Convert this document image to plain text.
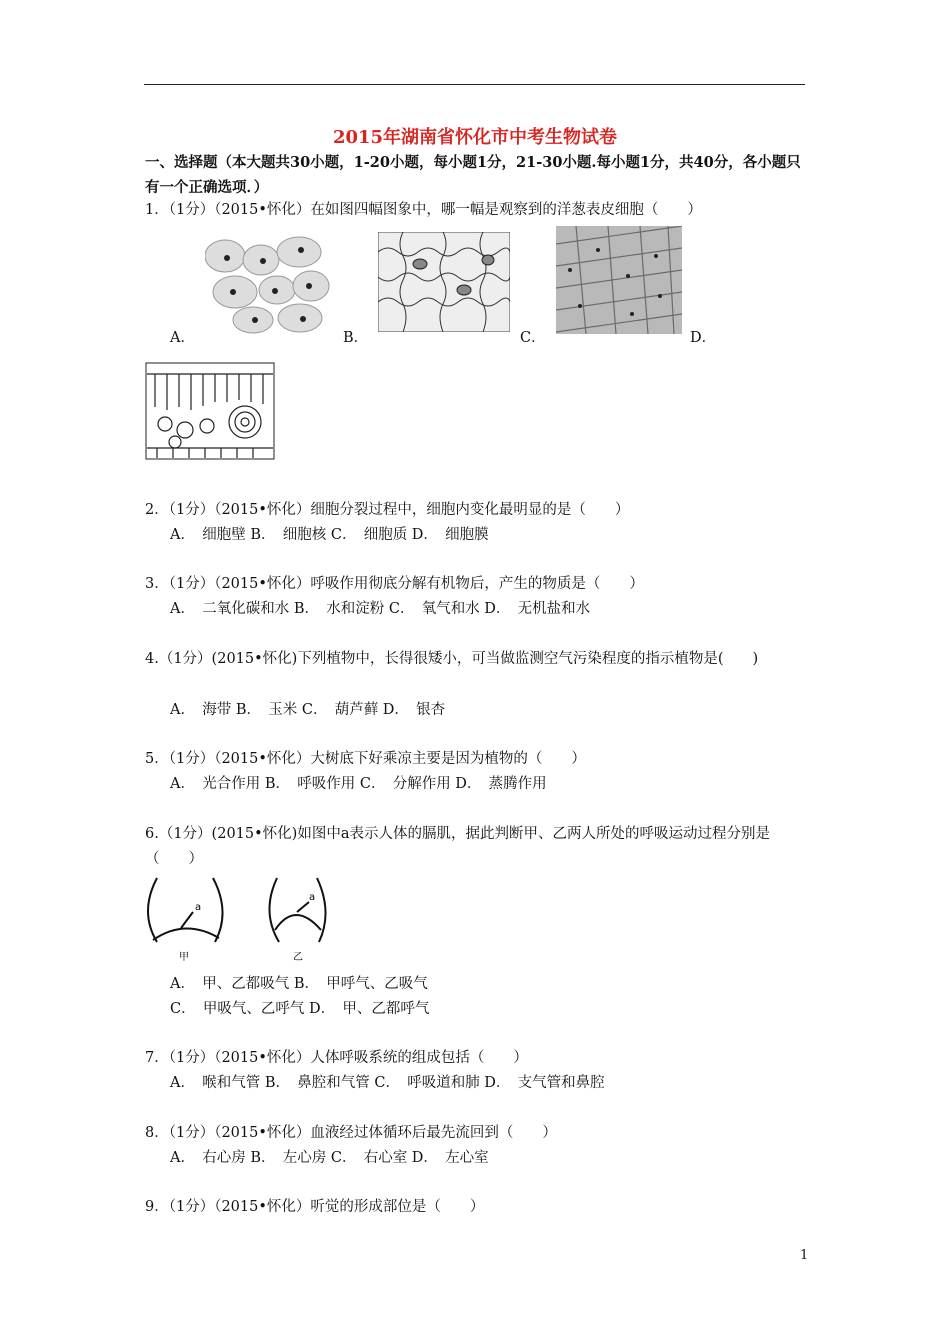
2015年湖南省怀化市中考生物试卷
一、选择题（本大题共30小题，1-20小题，每小题1分，21-30小题.每小题1分，共40分，各小题只有一个正确选项．）
1．（1分）（2015•怀化）在如图四幅图象中，哪一幅是观察到的洋葱表皮细胞（　　）
A．	B．	C．	D．
2．（1分）（2015•怀化）细胞分裂过程中，细胞内变化最明显的是（　　）
A．　细胞壁 B．　细胞核 C．　细胞质 D．　细胞膜
3．（1分）（2015•怀化）呼吸作用彻底分解有机物后，产生的物质是（　　）
A．　二氧化碳和水 B．　水和淀粉 C．　氧气和水 D．　无机盐和水
4.（1分）(2015•怀化)下列植物中，长得很矮小，可当做监测空气污染程度的指示植物是(　　)
A．　海带 B．　玉米 C．　葫芦藓 D．　银杏
5．（1分）（2015•怀化）大树底下好乘凉主要是因为植物的（　　）
A．　光合作用 B．　呼吸作用 C．　分解作用 D．　蒸腾作用
6.（1分）(2015•怀化)如图中a表示人体的膈肌，据此判断甲、乙两人所处的呼吸运动过程分别是（　　）
a
a
甲	乙
A．　甲、乙都吸气 B．　甲呼气、乙吸气
C．　甲吸气、乙呼气 D．　甲、乙都呼气
7．（1分）（2015•怀化）人体呼吸系统的组成包括（　　）
A．　喉和气管 B．　鼻腔和气管 C．　呼吸道和肺 D．　支气管和鼻腔
8．（1分）（2015•怀化）血液经过体循环后最先流回到（　　）
A．　右心房 B．　左心房 C．　右心室 D．　左心室
9．（1分）（2015•怀化）听觉的形成部位是（　　）
1
